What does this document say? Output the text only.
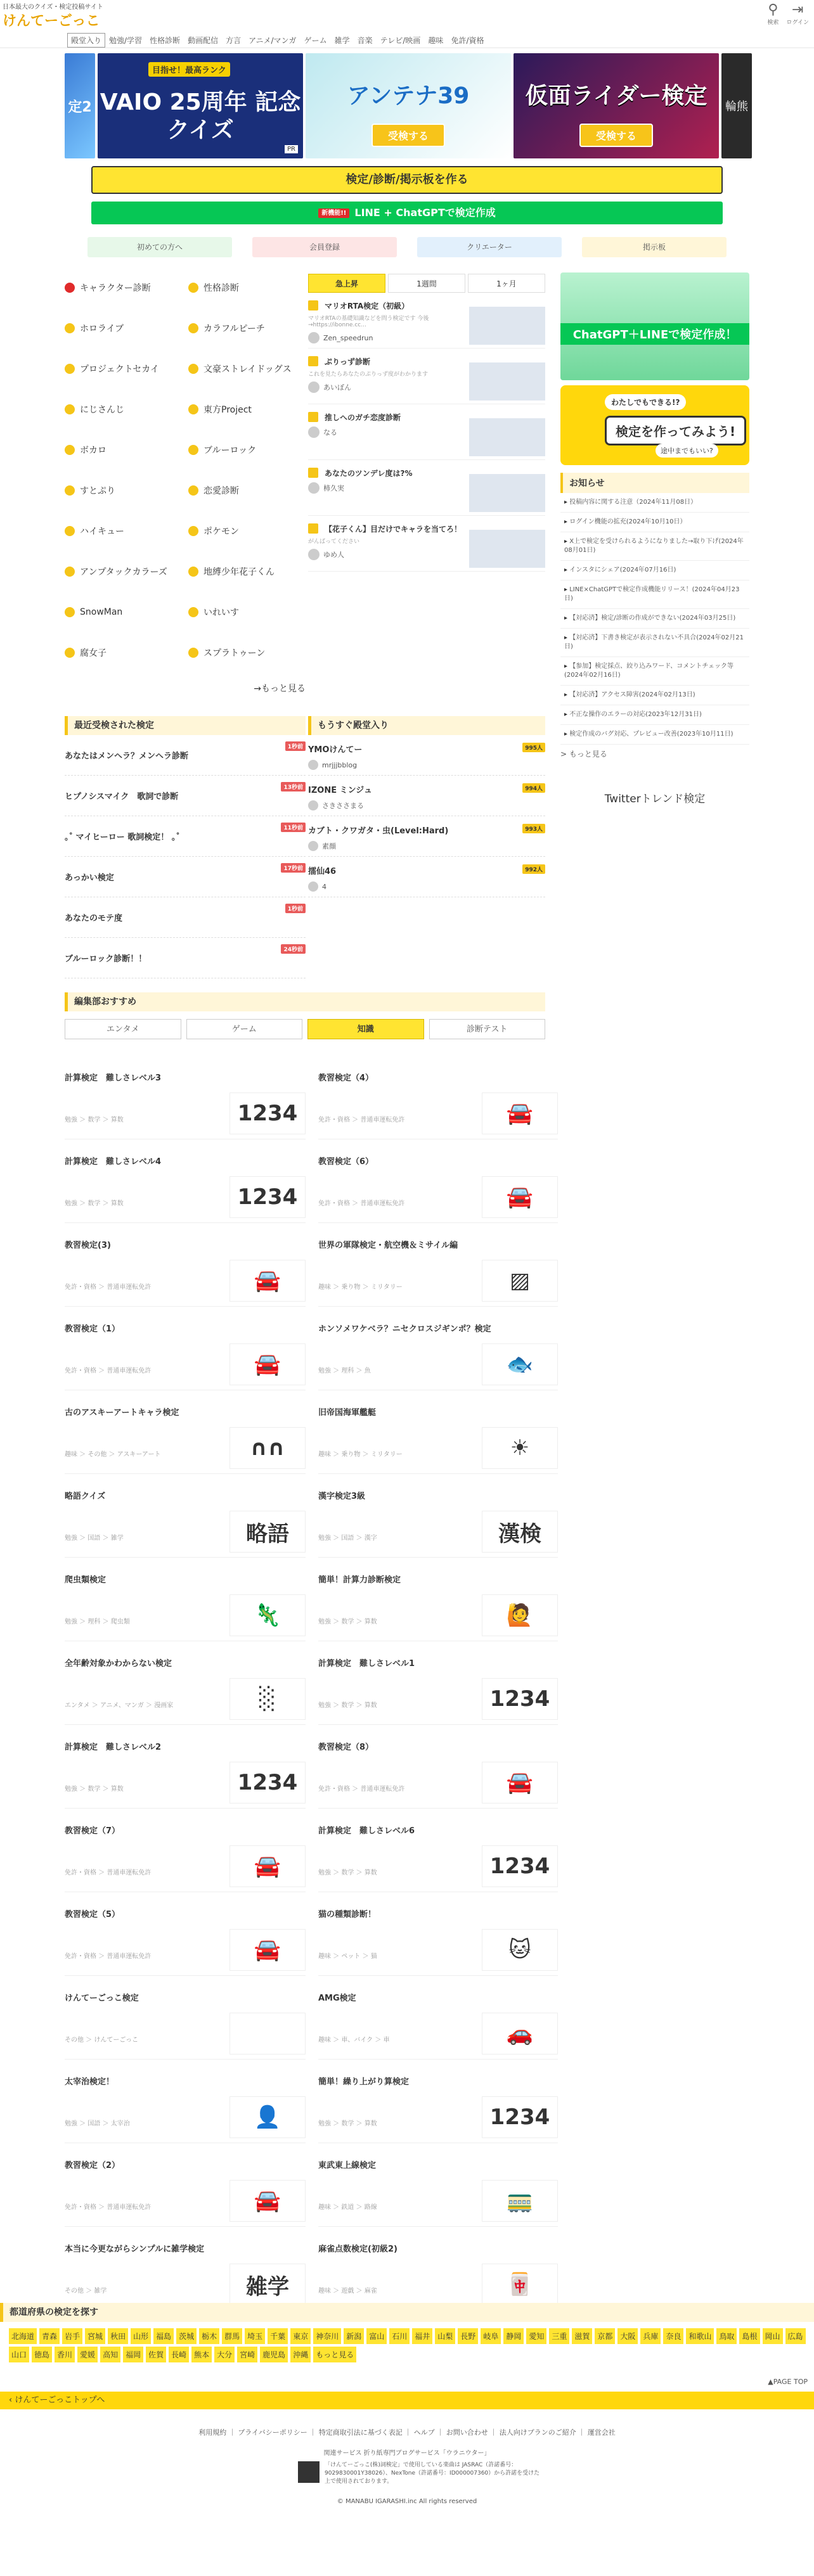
日本最大のクイズ・検定投稿サイト
けんてーごっこ
⚲
検索
⇥
ログイン
殿堂入り	勉強/学習	性格診断	動画配信	方言	アニメ/マンガ	ゲーム	雑学	音楽	テレビ/映画	趣味	免許/資格
定2
目指せ！最高ランク
VAIO 25周年 記念クイズ
PR
アンテナ39
受検する
仮面ライダー検定
受検する
輪熊
検定/診断/掲示板を作る
新機能!! LINE + ChatGPTで検定作成
初めての方へ	会員登録	クリエーター	掲示板
キャラクター診断	性格診断
ホロライブ	カラフルピーチ
プロジェクトセカイ	文豪ストレイドッグス
にじさんじ	東方Project
ボカロ	ブルーロック
すとぷり	恋愛診断
ハイキュー	ポケモン
アンプタックカラーズ	地縛少年花子くん
SnowMan	いれいす
腐女子	スプラトゥーン
→もっと見る
急上昇	1週間	1ヶ月
マリオRTA検定（初級）
マリオRTAの基礎知識などを問う検定です 今後→https://ibonne.cc...
Zen_speedrun
ぷりっず診断
これを見たらあなたのぷりっず度がわかります
あいぼん
推しへのガチ恋度診断
なる
あなたのツンデレ度は?%
柿久実
【花子くん】目だけでキャラを当てろ！
がんばってください
ゆめ人
ChatGPT＋LINEで検定作成！
わたしでもできる!?
検定を作ってみよう!
途中までもいい?
お知らせ
▸ 投稿内容に関する注意（2024年11月08日）
▸ ログイン機能の拡充(2024年10月10日）
▸ X上で検定を受けられるようになりました→取り下げ(2024年08月01日)
▸ インスタにシェア(2024年07月16日)
▸ LINE×ChatGPTで検定作成機能リリース！(2024年04月23日)
▸ 【対応済】検定/診断の作成ができない(2024年03月25日)
▸ 【対応済】下書き検定が表示されない不具合(2024年02月21日)
▸ 【参加】検定採点、絞り込みワード、コメントチェック等(2024年02月16日)
▸ 【対応済】アクセス障害(2024年02月13日)
▸ 不正な操作のエラーの対応(2023年12月31日)
▸ 検定作成のバグ対応、プレビュー改善(2023年10月11日)
> もっと見る
Twitterトレンド検定
最近受検された検定
あなたはメンヘラ？メンヘラ診断
1秒前
ヒプノシスマイク　歌詞で診断
13秒前
｡˚ マイヒーロー 歌詞検定！ ｡˚
11秒前
あっかい検定
17秒前
あなたのモテ度
1秒前
ブルーロック診断！！
24秒前
もうすぐ殿堂入り
YMOけんてー
mrjjjbblog
995人
IZONE ミンジュ
さきささまる
994人
カブト・クワガタ・虫(Level:Hard)
素顔
993人
擂仙46
4
992人
編集部おすすめ
エンタメ	ゲーム	知識	診断テスト
計算検定　難しさレベル3
勉強 ＞ 数学 ＞ 算数	1234
教習検定（4）
免許・資格 ＞ 普通車運転免許	🚘
計算検定　難しさレベル4
勉強 ＞ 数学 ＞ 算数	1234
教習検定（6）
免許・資格 ＞ 普通車運転免許	🚘
教習検定(3)
免許・資格 ＞ 普通車運転免許	🚘
世界の軍隊検定・航空機＆ミサイル編
趣味 ＞ 乗り物 ＞ ミリタリー	▨
教習検定（1）
免許・資格 ＞ 普通車運転免許	🚘
ホンソメワケベラ？ニセクロスジギンポ？検定
勉強 ＞ 理科 ＞ 魚	🐟
古のアスキーアートキャラ検定
趣味 ＞ その他 ＞ アスキーアート	∩∩
旧帝国海軍艦艇
趣味 ＞ 乗り物 ＞ ミリタリー	☀
略語クイズ
勉強 ＞ 国語 ＞ 雑学	略語
漢字検定3級
勉強 ＞ 国語 ＞ 漢字	漢検
爬虫類検定
勉強 ＞ 理科 ＞ 爬虫類	🦎
簡単！計算力診断検定
勉強 ＞ 数学 ＞ 算数	🙋
全年齢対象かわからない検定
エンタメ ＞ アニメ、マンガ ＞ 漫画家	░
計算検定　難しさレベル1
勉強 ＞ 数学 ＞ 算数	1234
計算検定　難しさレベル2
勉強 ＞ 数学 ＞ 算数	1234
教習検定（8）
免許・資格 ＞ 普通車運転免許	🚘
教習検定（7）
免許・資格 ＞ 普通車運転免許	🚘
計算検定　難しさレベル6
勉強 ＞ 数学 ＞ 算数	1234
教習検定（5）
免許・資格 ＞ 普通車運転免許	🚘
猫の種類診断！
趣味 ＞ ペット ＞ 猫	🐱
けんてーごっこ検定
その他 ＞ けんてーごっこ
AMG検定
趣味 ＞ 車、バイク ＞ 車	🚗
太宰治検定！
勉強 ＞ 国語 ＞ 太宰治	👤
簡単！繰り上がり算検定
勉強 ＞ 数学 ＞ 算数	1234
教習検定（2）
免許・資格 ＞ 普通車運転免許	🚘
東武東上線検定
趣味 ＞ 鉄道 ＞ 路線	🚃
本当に今更ながらシンプルに雑学検定
その他 ＞ 雑学	雑学
麻雀点数検定(初級2)
趣味 ＞ 遊戯 ＞ 麻雀	🀄
都道府県の検定を探す
北海道	青森	岩手	宮城	秋田	山形	福島	茨城	栃木	群馬	埼玉	千葉	東京	神奈川	新潟	富山	石川	福井	山梨	長野	岐阜	静岡	愛知	三重	滋賀	京都	大阪	兵庫	奈良	和歌山	鳥取	島根	岡山	広島
山口	徳島	香川	愛媛	高知	福岡	佐賀	長崎	熊本	大分	宮崎	鹿児島	沖縄	もっと見る
▲PAGE TOP
‹ けんてーごっこトップへ
利用規約 ｜ プライバシーポリシー ｜ 特定商取引法に基づく表記 ｜ ヘルプ ｜ お問い合わせ ｜ 法人向けプランのご紹介 ｜ 運営会社
関連サービス 折り紙専門ブログサービス「ウラニウター」
「けんてーごっこ(株)詞検定」で使用している楽曲は JASRAC（許諾番号：9029830001Y38026）、NexTone（許諾番号：ID000007360）から許諾を受けた上で使用されております。
© MANABU IGARASHI.inc All rights reserved
